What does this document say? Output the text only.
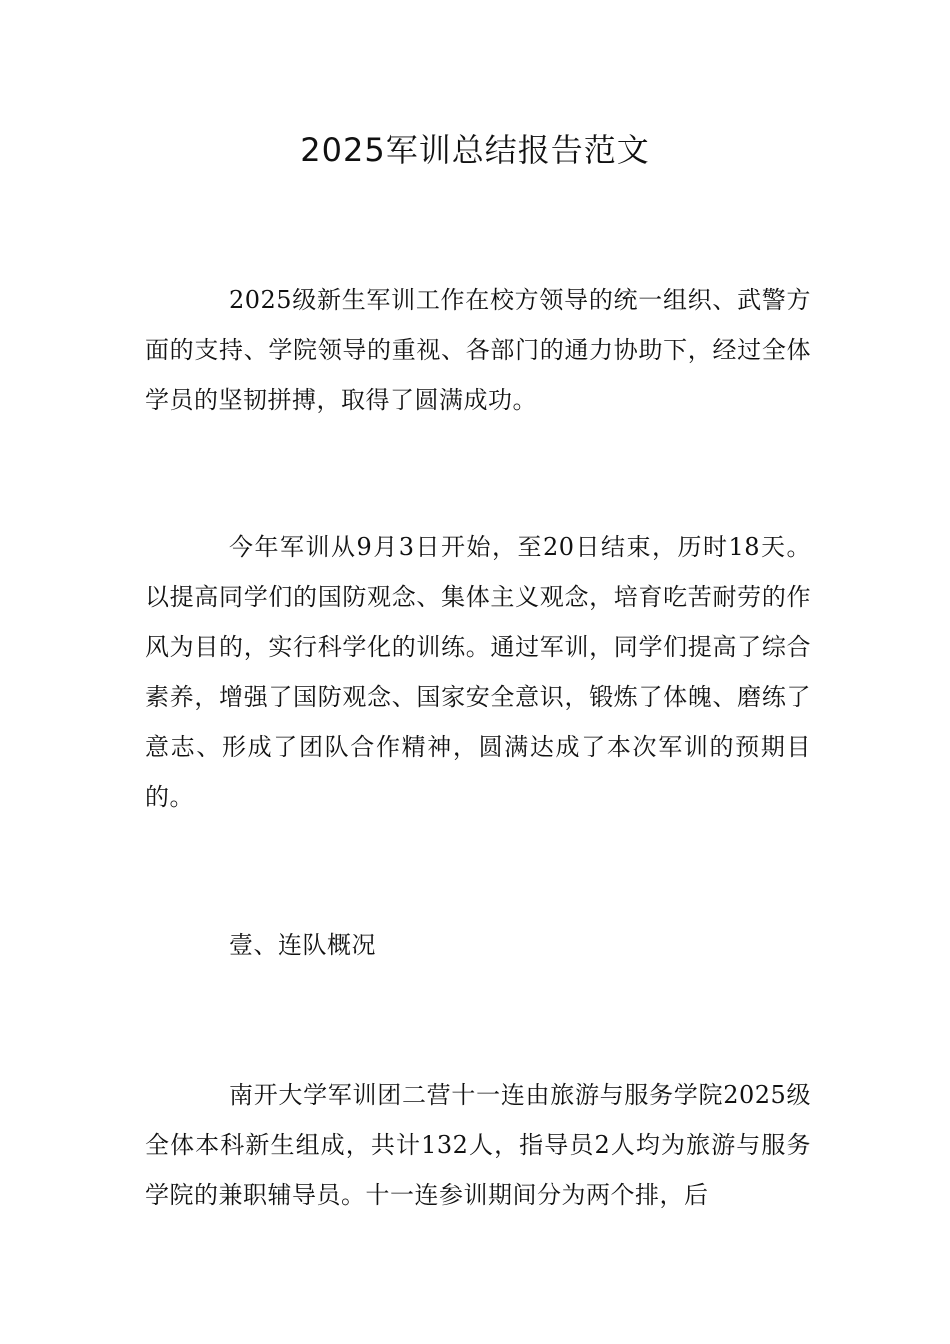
2025军训总结报告范文

2025级新生军训工作在校方领导的统一组织、武警方面的支持、学院领导的重视、各部门的通力协助下，经过全体学员的坚韧拼搏，取得了圆满成功。

今年军训从9月3日开始，至20日结束，历时18天。以提高同学们的国防观念、集体主义观念，培育吃苦耐劳的作风为目的，实行科学化的训练。通过军训，同学们提高了综合素养，增强了国防观念、国家安全意识，锻炼了体魄、磨练了意志、形成了团队合作精神，圆满达成了本次军训的预期目的。

壹、连队概况

南开大学军训团二营十一连由旅游与服务学院2025级全体本科新生组成，共计132人，指导员2人均为旅游与服务学院的兼职辅导员。十一连参训期间分为两个排，后
